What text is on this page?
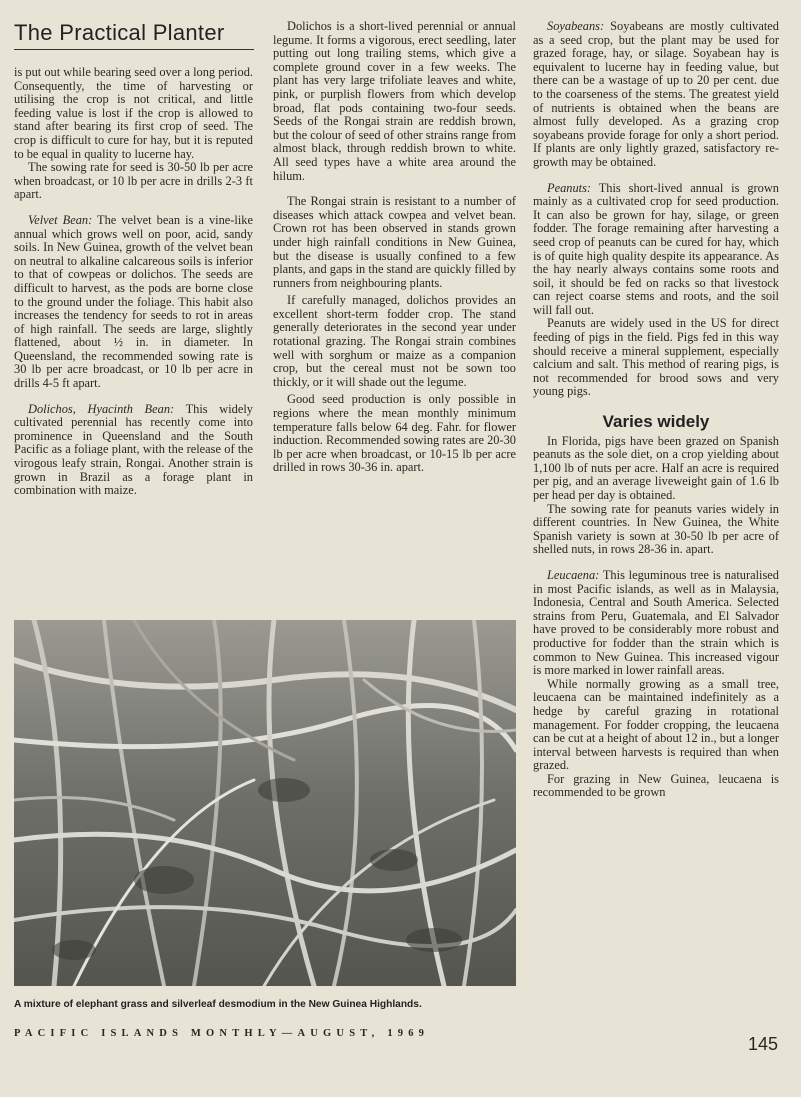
The Practical Planter

is put out while bearing seed over a long period. Consequently, the time of harvesting or utilising the crop is not critical, and little feeding value is lost if the crop is allowed to stand after bearing its first crop of seed. The crop is difficult to cure for hay, but it is reputed to be equal in quality to lucerne hay.

The sowing rate for seed is 30-50 lb per acre when broadcast, or 10 lb per acre in drills 2-3 ft apart.

Velvet Bean: The velvet bean is a vine-like annual which grows well on poor, acid, sandy soils. In New Guinea, growth of the velvet bean on neutral to alkaline calcareous soils is inferior to that of cowpeas or dolichos. The seeds are difficult to harvest, as the pods are borne close to the ground under the foliage. This habit also increases the tendency for seeds to rot in areas of high rainfall. The seeds are large, slightly flattened, about ½ in. in diameter. In Queensland, the recommended sowing rate is 30 lb per acre broadcast, or 10 lb per acre in drills 4-5 ft apart.

Dolichos, Hyacinth Bean: This widely cultivated perennial has recently come into prominence in Queensland and the South Pacific as a foliage plant, with the release of the virogous leafy strain, Rongai. Another strain is grown in Brazil as a forage plant in combination with maize.

Dolichos is a short-lived perennial or annual legume. It forms a vigorous, erect seedling, later putting out long trailing stems, which give a complete ground cover in a few weeks. The plant has very large trifoliate leaves and white, pink, or purplish flowers from which develop broad, flat pods containing two-four seeds. Seeds of the Rongai strain are reddish brown, but the colour of seed of other strains range from almost black, through reddish brown to white. All seed types have a white area around the hilum.

The Rongai strain is resistant to a number of diseases which attack cowpea and velvet bean. Crown rot has been observed in stands grown under high rainfall conditions in New Guinea, but the disease is usually confined to a few plants, and gaps in the stand are quickly filled by runners from neighbouring plants.

If carefully managed, dolichos provides an excellent short-term fodder crop. The stand generally deteriorates in the second year under rotational grazing. The Rongai strain combines well with sorghum or maize as a companion crop, but the cereal must not be sown too thickly, or it will shade out the legume.

Good seed production is only possible in regions where the mean monthly minimum temperature falls below 64 deg. Fahr. for flower induction. Recommended sowing rates are 20-30 lb per acre when broadcast, or 10-15 lb per acre drilled in rows 30-36 in. apart.

Soyabeans: Soyabeans are mostly cultivated as a seed crop, but the plant may be used for grazed forage, hay, or silage. Soyabean hay is equivalent to lucerne hay in feeding value, but there can be a wastage of up to 20 per cent. due to the coarseness of the stems. The greatest yield of nutrients is obtained when the beans are almost fully developed. As a grazing crop soyabeans provide forage for only a short period. If plants are only lightly grazed, satisfactory re-growth may be obtained.

Peanuts: This short-lived annual is grown mainly as a cultivated crop for seed production. It can also be grown for hay, silage, or green fodder. The forage remaining after harvesting a seed crop of peanuts can be cured for hay, which is of quite high quality despite its appearance. As the hay nearly always contains some roots and soil, it should be fed on racks so that livestock can reject coarse stems and roots, and the soil will fall out.

Peanuts are widely used in the US for direct feeding of pigs in the field. Pigs fed in this way should receive a mineral supplement, especially calcium and salt. This method of rearing pigs, is not recommended for brood sows and very young pigs.

Varies widely

In Florida, pigs have been grazed on Spanish peanuts as the sole diet, on a crop yielding about 1,100 lb of nuts per acre. Half an acre is required per pig, and an average liveweight gain of 1.6 lb per head per day is obtained.

The sowing rate for peanuts varies widely in different countries. In New Guinea, the White Spanish variety is sown at 30-50 lb per acre of shelled nuts, in rows 28-36 in. apart.

Leucaena: This leguminous tree is naturalised in most Pacific islands, as well as in Malaysia, Indonesia, Central and South America. Selected strains from Peru, Guatemala, and El Salvador have proved to be considerably more robust and productive for fodder than the strain which is common to New Guinea. This increased vigour is more marked in lower rainfall areas.

While normally growing as a small tree, leucaena can be maintained indefinitely as a hedge by careful grazing in rotational management. For fodder cropping, the leucaena can be cut at a height of about 12 in., but a longer interval between harvests is required than when grazed.

For grazing in New Guinea, leucaena is recommended to be grown

A mixture of elephant grass and silverleaf desmodium in the New Guinea Highlands.
PACIFIC ISLANDS MONTHLY—AUGUST, 1969
145
